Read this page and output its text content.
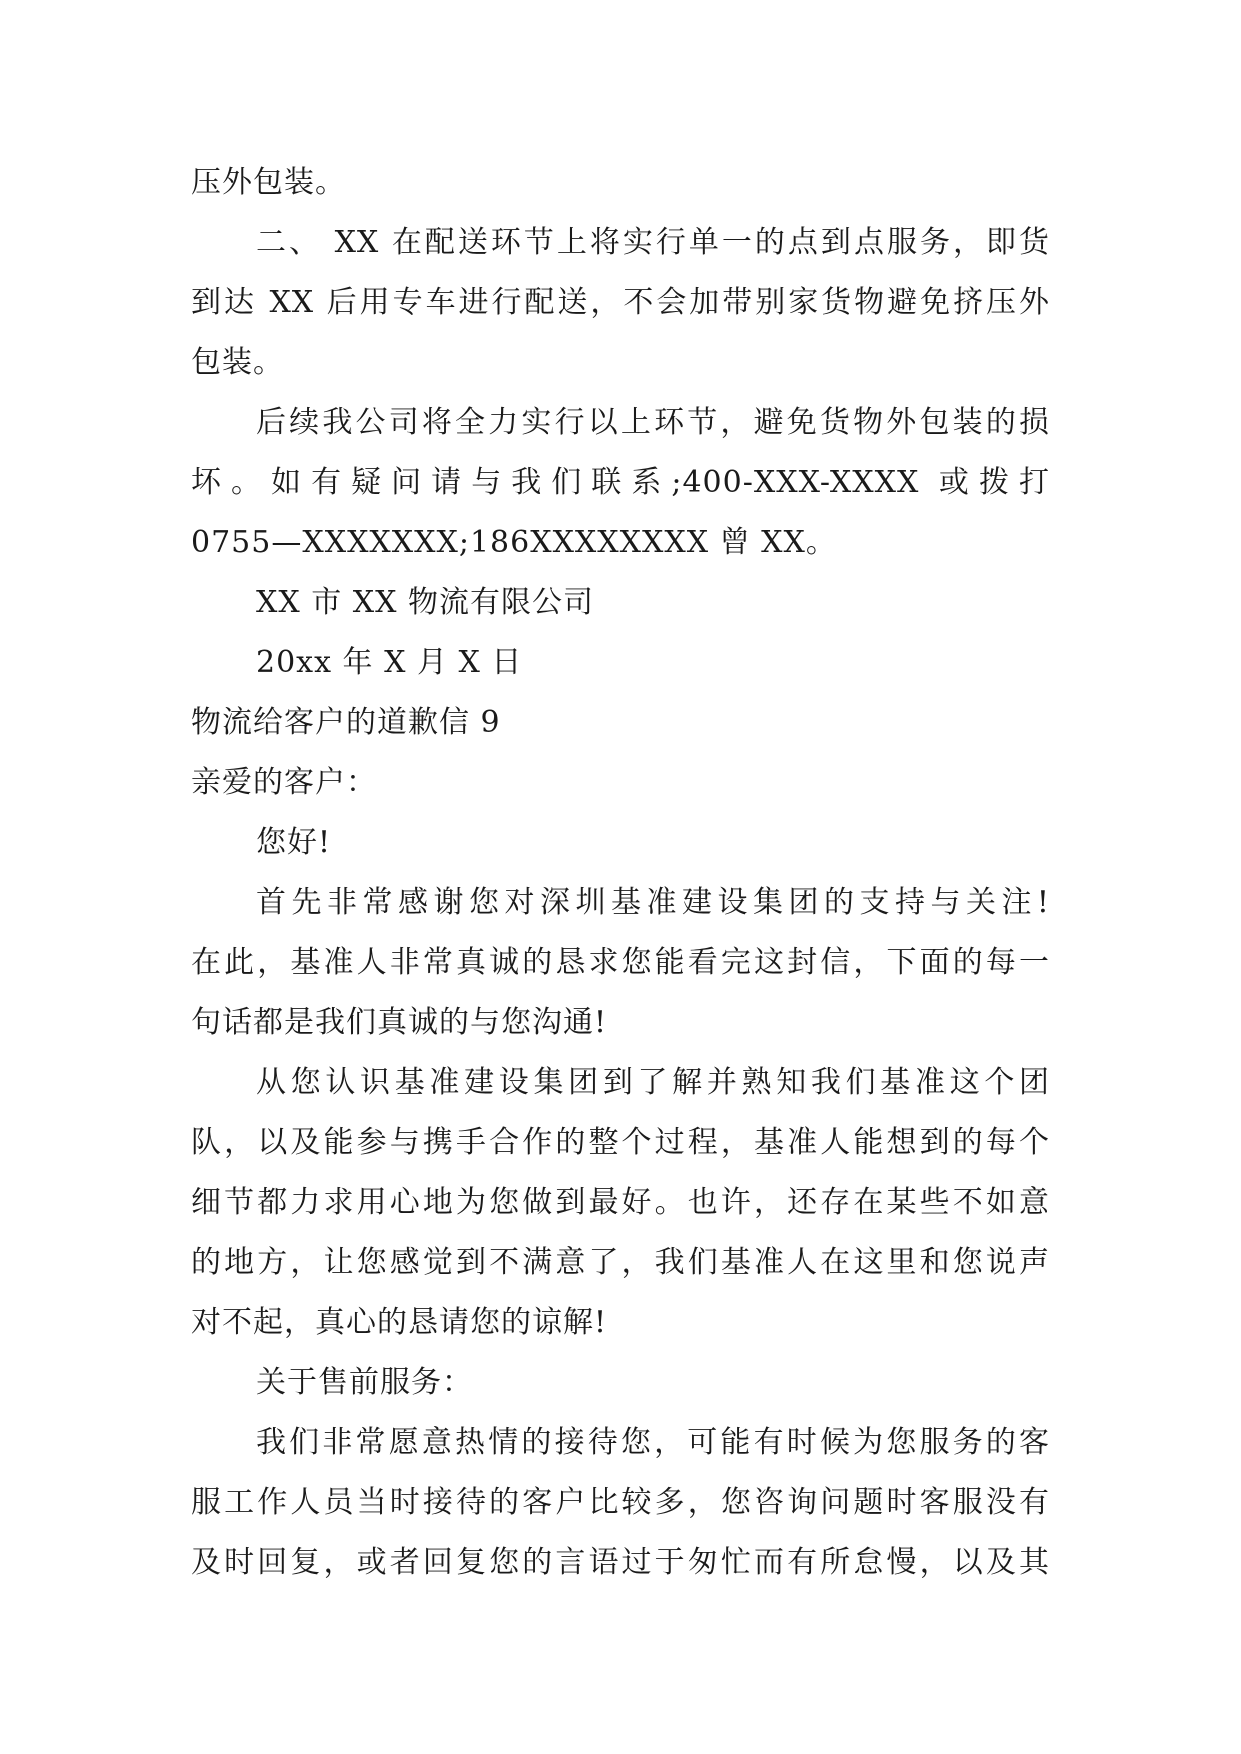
压外包装。
二、 XX 在配送环节上将实行单一的点到点服务，即货
到达 XX 后用专车进行配送，不会加带别家货物避免挤压外
包装。
后续我公司将全力实行以上环节，避免货物外包装的损
坏。如有疑问请与我们联系;400-XXX-XXXX 或拨打
0755—XXXXXXX;186XXXXXXXX 曾 XX。
XX 市 XX 物流有限公司
20xx 年 X 月 X 日
物流给客户的道歉信 9
亲爱的客户：
您好!
首先非常感谢您对深圳基准建设集团的支持与关注!
在此，基准人非常真诚的恳求您能看完这封信，下面的每一
句话都是我们真诚的与您沟通!
从您认识基准建设集团到了解并熟知我们基准这个团
队，以及能参与携手合作的整个过程，基准人能想到的每个
细节都力求用心地为您做到最好。也许，还存在某些不如意
的地方，让您感觉到不满意了，我们基准人在这里和您说声
对不起，真心的恳请您的谅解!
关于售前服务：
我们非常愿意热情的接待您，可能有时候为您服务的客
服工作人员当时接待的客户比较多，您咨询问题时客服没有
及时回复，或者回复您的言语过于匆忙而有所怠慢，以及其
